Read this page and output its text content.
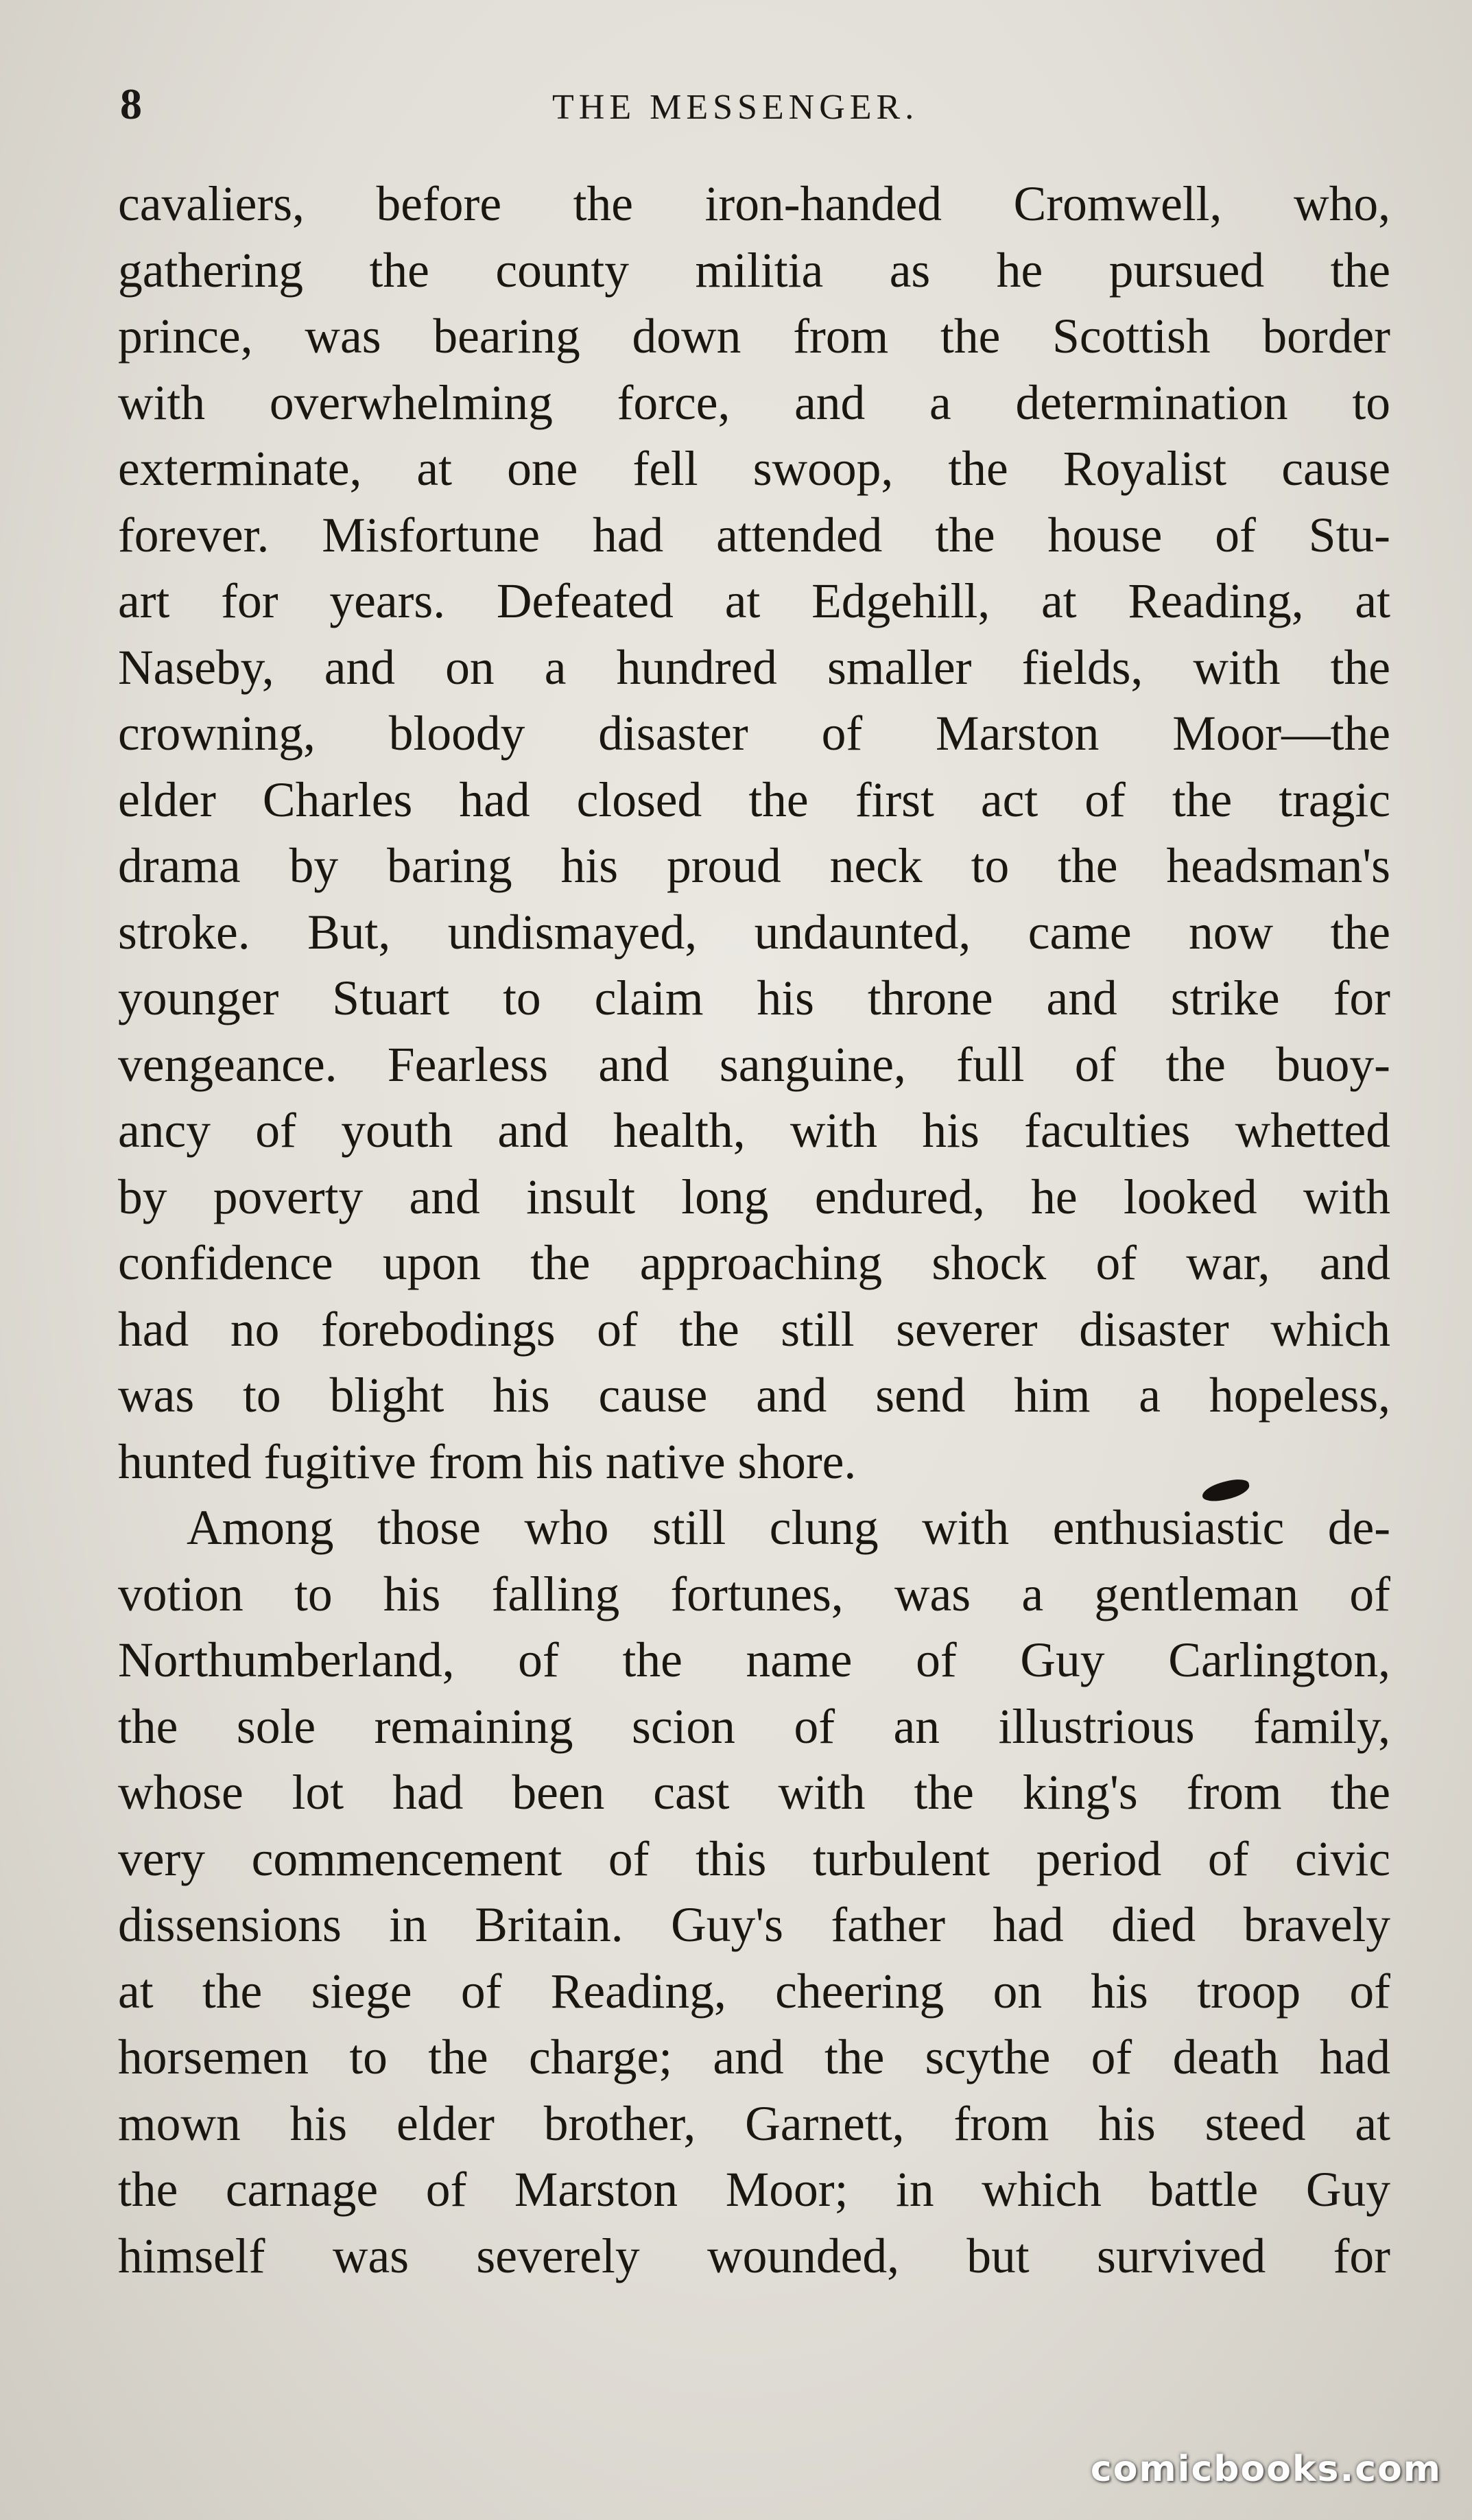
8	THE MESSENGER.
cavaliers, before the iron-handed Cromwell, who,
gathering the county militia as he pursued the
prince, was bearing down from the Scottish border
with overwhelming force, and a determination to
exterminate, at one fell swoop, the Royalist cause
forever. Misfortune had attended the house of Stu-
art for years. Defeated at Edgehill, at Reading, at
Naseby, and on a hundred smaller fields, with the
crowning, bloody disaster of Marston Moor—the
elder Charles had closed the first act of the tragic
drama by baring his proud neck to the headsman's
stroke. But, undismayed, undaunted, came now the
younger Stuart to claim his throne and strike for
vengeance. Fearless and sanguine, full of the buoy-
ancy of youth and health, with his faculties whetted
by poverty and insult long endured, he looked with
confidence upon the approaching shock of war, and
had no forebodings of the still severer disaster which
was to blight his cause and send him a hopeless,
hunted fugitive from his native shore.
Among those who still clung with enthusiastic de-
votion to his falling fortunes, was a gentleman of
Northumberland, of the name of Guy Carlington,
the sole remaining scion of an illustrious family,
whose lot had been cast with the king's from the
very commencement of this turbulent period of civic
dissensions in Britain. Guy's father had died bravely
at the siege of Reading, cheering on his troop of
horsemen to the charge; and the scythe of death had
mown his elder brother, Garnett, from his steed at
the carnage of Marston Moor; in which battle Guy
himself was severely wounded, but survived for
comicbooks.com
